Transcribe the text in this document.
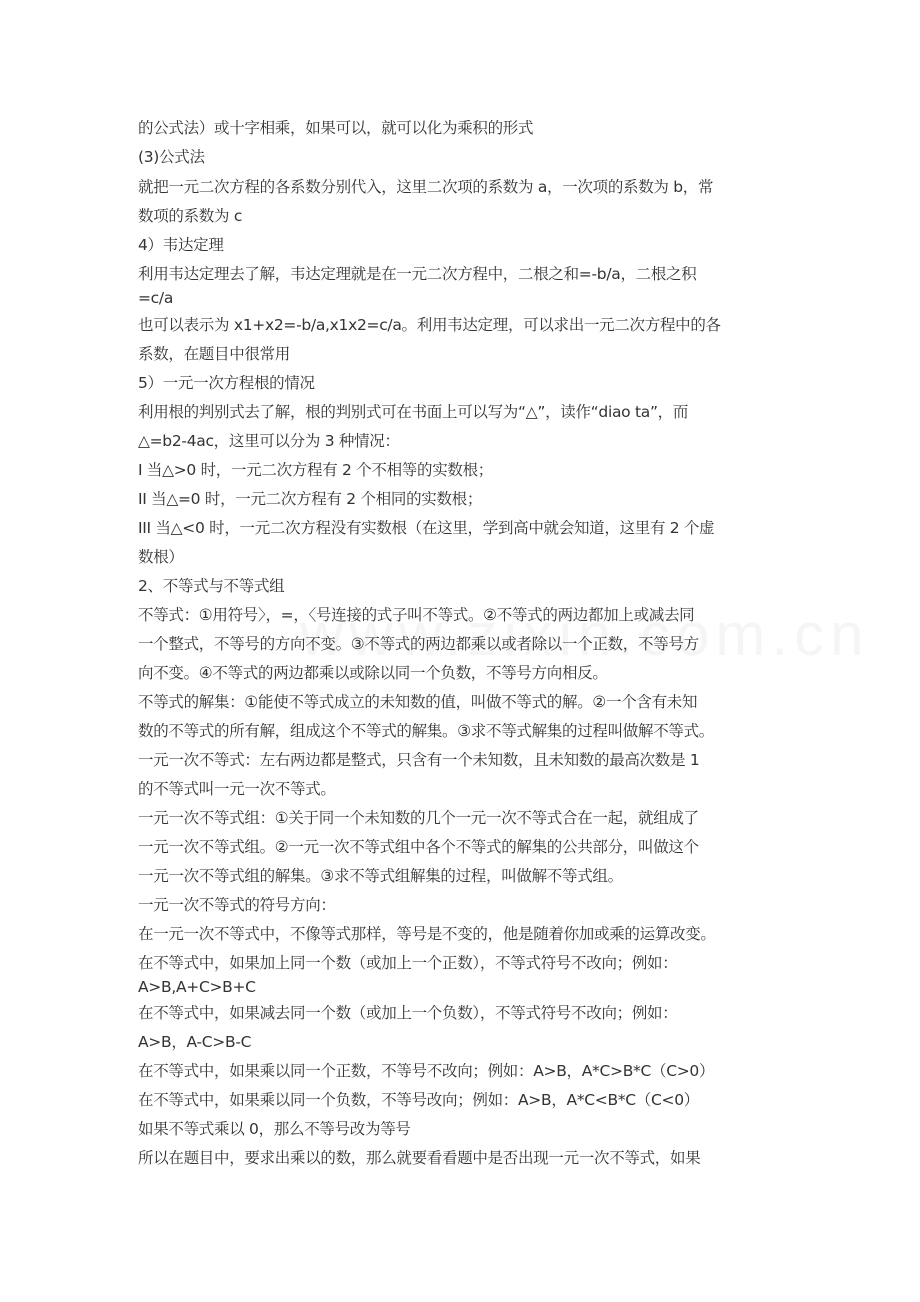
的公式法）或十字相乘，如果可以，就可以化为乘积的形式
(3)公式法
就把一元二次方程的各系数分别代入，这里二次项的系数为 a，一次项的系数为 b，常
数项的系数为 c
4）韦达定理
利用韦达定理去了解，韦达定理就是在一元二次方程中，二根之和=-b/a，二根之积
=c/a
也可以表示为 x1+x2=-b/a,x1x2=c/a。利用韦达定理，可以求出一元二次方程中的各
系数，在题目中很常用
5）一元一次方程根的情况
利用根的判别式去了解，根的判别式可在书面上可以写为“△”，读作“diao ta”，而
△=b2-4ac，这里可以分为 3 种情况：
I 当△>0 时，一元二次方程有 2 个不相等的实数根；
II 当△=0 时，一元二次方程有 2 个相同的实数根；
III 当△<0 时，一元二次方程没有实数根（在这里，学到高中就会知道，这里有 2 个虚
数根）
2、不等式与不等式组
不等式：①用符号〉，=，〈号连接的式子叫不等式。②不等式的两边都加上或减去同
一个整式，不等号的方向不变。③不等式的两边都乘以或者除以一个正数，不等号方
向不变。④不等式的两边都乘以或除以同一个负数，不等号方向相反。
不等式的解集：①能使不等式成立的未知数的值，叫做不等式的解。②一个含有未知
数的不等式的所有解，组成这个不等式的解集。③求不等式解集的过程叫做解不等式。
一元一次不等式：左右两边都是整式，只含有一个未知数，且未知数的最高次数是 1
的不等式叫一元一次不等式。
一元一次不等式组：①关于同一个未知数的几个一元一次不等式合在一起，就组成了
一元一次不等式组。②一元一次不等式组中各个不等式的解集的公共部分，叫做这个
一元一次不等式组的解集。③求不等式组解集的过程，叫做解不等式组。
一元一次不等式的符号方向：
在一元一次不等式中，不像等式那样，等号是不变的，他是随着你加或乘的运算改变。
在不等式中，如果加上同一个数（或加上一个正数），不等式符号不改向；例如：
A>B,A+C>B+C
在不等式中，如果减去同一个数（或加上一个负数），不等式符号不改向；例如：
A>B，A-C>B-C
在不等式中，如果乘以同一个正数，不等号不改向；例如：A>B，A*C>B*C（C>0）
在不等式中，如果乘以同一个负数，不等号改向；例如：A>B，A*C<B*C（C<0）
如果不等式乘以 0，那么不等号改为等号
所以在题目中，要求出乘以的数，那么就要看看题中是否出现一元一次不等式，如果
